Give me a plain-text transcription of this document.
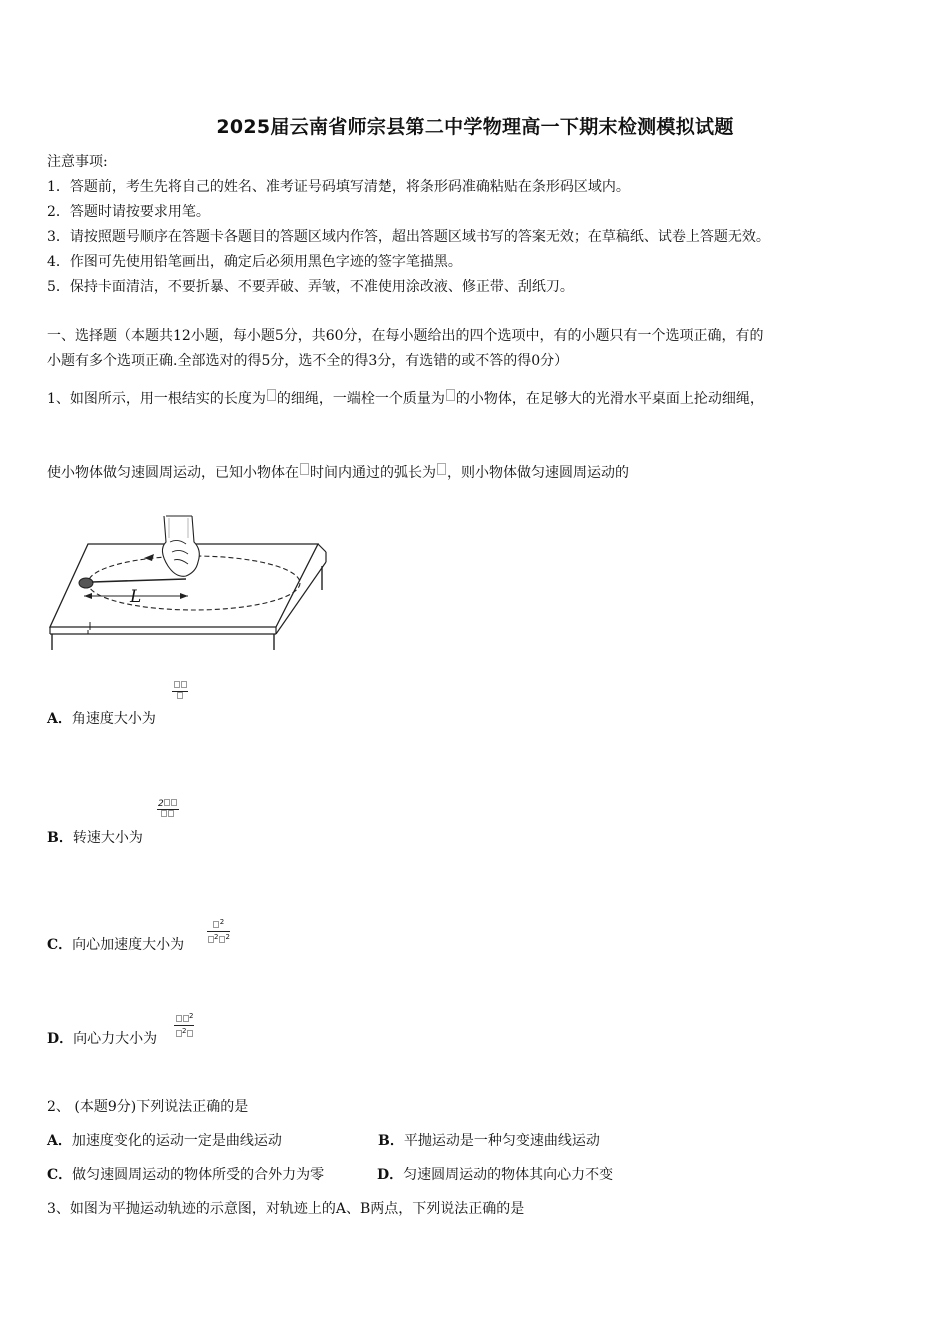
2025届云南省师宗县第二中学物理高一下期末检测模拟试题
注意事项:
1．答题前，考生先将自己的姓名、准考证号码填写清楚，将条形码准确粘贴在条形码区域内。
2．答题时请按要求用笔。
3．请按照题号顺序在答题卡各题目的答题区域内作答，超出答题区域书写的答案无效；在草稿纸、试卷上答题无效。
4．作图可先使用铅笔画出，确定后必须用黑色字迹的签字笔描黑。
5．保持卡面清洁，不要折暴、不要弄破、弄皱，不准使用涂改液、修正带、刮纸刀。
一、选择题（本题共12小题，每小题5分，共60分，在每小题给出的四个选项中，有的小题只有一个选项正确，有的
小题有多个选项正确.全部选对的得5分，选不全的得3分，有选错的或不答的得0分）
1、如图所示，用一根结实的长度为 的细绳，一端栓一个质量为 的小物体，在足够大的光滑水平桌面上抡动细绳，
使小物体做匀速圆周运动，已知小物体在 时间内通过的弧长为 ，则小物体做匀速圆周运动的
L
A．角速度大小为
2
B．转速大小为
$\frac{^2}{^2 ^2}$
C．向心加速度大小为
$\frac{^2}{^2}$
D．向心力大小为
2、 (本题9分)下列说法正确的是
A．加速度变化的运动一定是曲线运动	B．平抛运动是一种匀变速曲线运动
C．做匀速圆周运动的物体所受的合外力为零	D．匀速圆周运动的物体其向心力不变
3、如图为平抛运动轨迹的示意图，对轨迹上的A、B两点，下列说法正确的是
